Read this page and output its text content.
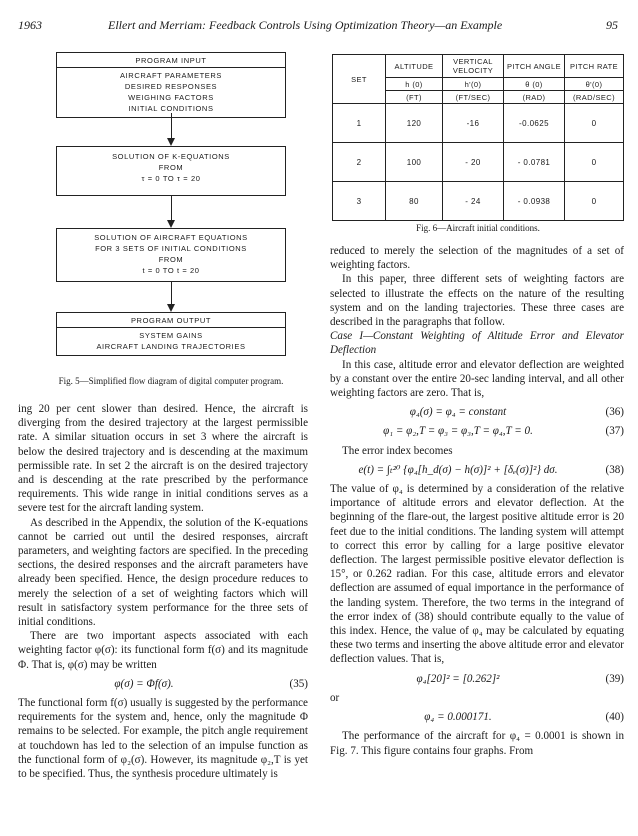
1963	Ellert and Merriam: Feedback Controls Using Optimization Theory—an Example	95
PROGRAM INPUT
AIRCRAFT PARAMETERS
DESIRED RESPONSES
WEIGHING FACTORS
INITIAL CONDITIONS
SOLUTION OF K-EQUATIONS
FROM
τ = 0 TO τ = 20
SOLUTION OF AIRCRAFT EQUATIONS
FOR 3 SETS OF INITIAL CONDITIONS
FROM
t = 0 TO t = 20
PROGRAM OUTPUT
SYSTEM GAINS
AIRCRAFT LANDING TRAJECTORIES
Fig. 5—Simplified flow diagram of digital computer program.
SET	ALTITUDE	VERTICAL VELOCITY	PITCH ANGLE	PITCH RATE
	h (0)	h'(0)	θ (0)	θ'(0)
	(FT)	(FT/SEC)	(RAD)	(RAD/SEC)
1	120	-16	-0.0625	0
2	100	- 20	- 0.0781	0
3	80	- 24	- 0.0938	0
Fig. 6—Aircraft initial conditions.

ing 20 per cent slower than desired. Hence, the aircraft is diverging from the desired trajectory at the largest permissible rate. A similar situation occurs in set 3 where the aircraft is below the desired trajectory and is descending at the maximum permissible rate. In set 2 the aircraft is on the desired trajectory and is descending at the rate prescribed by the performance requirements. This wide range in initial conditions serves as a severe test for the aircraft landing system.

As described in the Appendix, the solution of the K-equations cannot be carried out until the desired responses, aircraft parameters, and weighting factors are specified. In the preceding sections, the desired responses and the aircraft parameters have already been specified. Hence, the design procedure reduces to merely the selection of a set of weighting factors which will result in satisfactory system performance for the three sets of initial conditions.

There are two important aspects associated with each weighting factor φ(σ): its functional form f(σ) and its magnitude Φ. That is, φ(σ) may be written

φ(σ) = Φf(σ).	(35)

The functional form f(σ) usually is suggested by the performance requirements for the system and, hence, only the magnitude Φ remains to be selected. For example, the pitch angle requirement at touchdown has led to the selection of an impulse function as the functional form of φ₂(σ). However, its magnitude φ₂,T is yet to be specified. Thus, the synthesis procedure ultimately is

reduced to merely the selection of the magnitudes of a set of weighting factors.

In this paper, three different sets of weighting factors are selected to illustrate the effects on the nature of the resulting system and on the landing trajectories. These three cases are described in the paragraphs that follow.

Case I—Constant Weighting of Altitude Error and Elevator Deflection

In this case, altitude error and elevator deflection are weighted by a constant over the entire 20-sec landing interval, and all other weighting factors are zero. That is,

φ₄(σ) = φ₄ = constant	(36)
φ₁ = φ₂,T = φ₃ = φ₃,T = φ₄,T = 0.	(37)

The error index becomes

e(t) = ∫ₜ²⁰ {φ₄[h_d(σ) − h(σ)]² + [δₑ(σ)]²} dσ.	(38)

The value of φ₄ is determined by a consideration of the relative importance of altitude errors and elevator deflection. At the beginning of the flare-out, the largest positive altitude error is 20 feet due to the initial conditions. The landing system will attempt to correct this error by calling for a large positive elevator deflection. The largest permissible positive elevator deflection is 15°, or 0.262 radian. For this case, altitude errors and elevator deflection are assumed of equal importance in the performance of the landing system. Therefore, the two terms in the integrand of the error index of (38) should contribute equally to the value of this index. Hence, the value of φ₄ may be calculated by equating these two terms and inserting the above altitude error and elevator deflection values. That is,

φ₄[20]² = [0.262]²	(39)

or

φ₄ = 0.000171.	(40)

The performance of the aircraft for φ₄ = 0.0001 is shown in Fig. 7. This figure contains four graphs. From
